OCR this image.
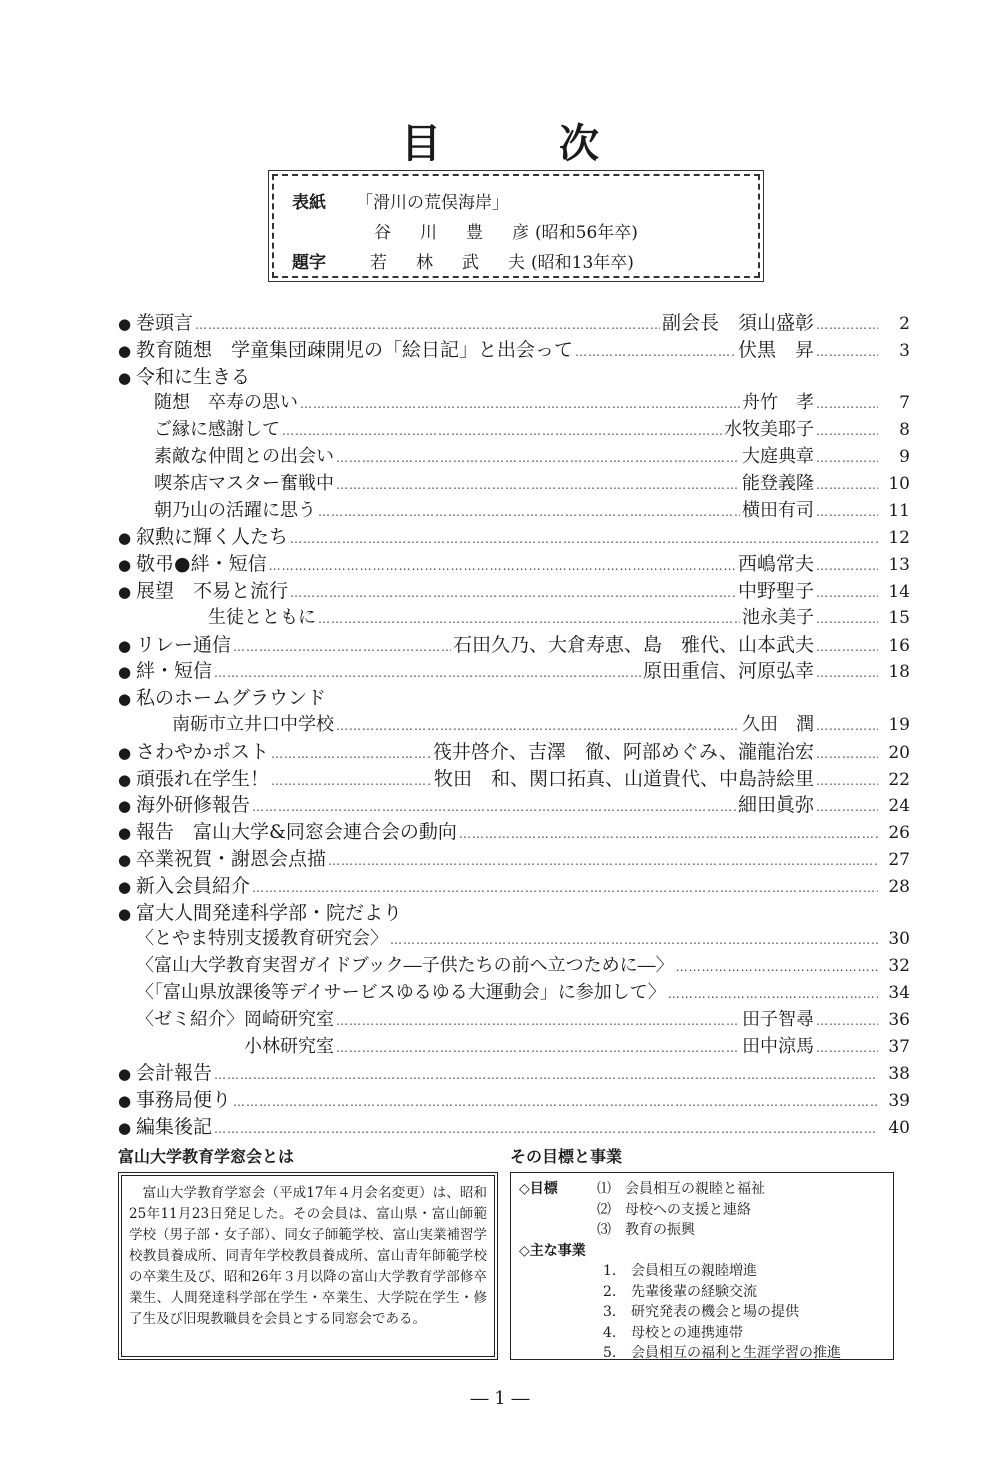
目	次
表紙 「滑川の荒俣海岸」
谷　川　豊　彦(昭和56年卒)
題字	若　林　武　夫(昭和13年卒)
● 巻頭言 …………………………………………………………………………………………………………………………………………………………	副会長　須山盛彰 …………………………………………………………………………………………………………………………………………………………	2
● 教育随想　学童集団疎開児の「絵日記」と出会って …………………………………………………………………………………………………………………………………………………………	伏黒　昇 …………………………………………………………………………………………………………………………………………………………	3
● 令和に生きる
　随想　卒寿の思い …………………………………………………………………………………………………………………………………………………………	舟竹　孝 …………………………………………………………………………………………………………………………………………………………	7
　ご縁に感謝して …………………………………………………………………………………………………………………………………………………………	水牧美耶子 …………………………………………………………………………………………………………………………………………………………	8
　素敵な仲間との出会い …………………………………………………………………………………………………………………………………………………………	大庭典章 …………………………………………………………………………………………………………………………………………………………	9
　喫茶店マスター奮戦中 …………………………………………………………………………………………………………………………………………………………	能登義隆 …………………………………………………………………………………………………………………………………………………………	10
　朝乃山の活躍に思う …………………………………………………………………………………………………………………………………………………………	横田有司 …………………………………………………………………………………………………………………………………………………………	11
● 叙勲に輝く人たち …………………………………………………………………………………………………………………………………………………………	12
● 敬弔●絆・短信 …………………………………………………………………………………………………………………………………………………………	西嶋常夫 …………………………………………………………………………………………………………………………………………………………	13
● 展望　不易と流行 …………………………………………………………………………………………………………………………………………………………	中野聖子 …………………………………………………………………………………………………………………………………………………………	14
　　　　生徒とともに …………………………………………………………………………………………………………………………………………………………	池永美子 …………………………………………………………………………………………………………………………………………………………	15
● リレー通信 …………………………………………………………………………………………………………………………………………………………	石田久乃、大倉寿恵、島　雅代、山本武夫 …………………………………………………………………………………………………………………………………………………………	16
● 絆・短信 …………………………………………………………………………………………………………………………………………………………	原田重信、河原弘幸 …………………………………………………………………………………………………………………………………………………………	18
● 私のホームグラウンド
　　南砺市立井口中学校 …………………………………………………………………………………………………………………………………………………………	久田　潤 …………………………………………………………………………………………………………………………………………………………	19
● さわやかポスト …………………………………………………………………………………………………………………………………………………………	筏井啓介、吉澤　徹、阿部めぐみ、瀧龍治宏 …………………………………………………………………………………………………………………………………………………………	20
● 頑張れ在学生！ …………………………………………………………………………………………………………………………………………………………	牧田　和、関口拓真、山道貴代、中島詩絵里 …………………………………………………………………………………………………………………………………………………………	22
● 海外研修報告 …………………………………………………………………………………………………………………………………………………………	細田眞弥 …………………………………………………………………………………………………………………………………………………………	24
● 報告　富山大学&同窓会連合会の動向 …………………………………………………………………………………………………………………………………………………………	26
● 卒業祝賀・謝恩会点描 …………………………………………………………………………………………………………………………………………………………	27
● 新入会員紹介 …………………………………………………………………………………………………………………………………………………………	28
● 富大人間発達科学部・院だより
〈とやま特別支援教育研究会〉 …………………………………………………………………………………………………………………………………………………………	30
〈富山大学教育実習ガイドブック―子供たちの前へ立つために―〉 …………………………………………………………………………………………………………………………………………………………	32
〈「富山県放課後等デイサービスゆるゆる大運動会」に参加して〉 …………………………………………………………………………………………………………………………………………………………	34
〈ゼミ紹介〉岡崎研究室 …………………………………………………………………………………………………………………………………………………………	田子智尋 …………………………………………………………………………………………………………………………………………………………	36
　　　　　　小林研究室 …………………………………………………………………………………………………………………………………………………………	田中涼馬 …………………………………………………………………………………………………………………………………………………………	37
● 会計報告 …………………………………………………………………………………………………………………………………………………………	38
● 事務局便り …………………………………………………………………………………………………………………………………………………………	39
● 編集後記 …………………………………………………………………………………………………………………………………………………………	40
富山大学教育学窓会とは
　富山大学教育学窓会（平成17年４月会名変更）は、昭和25年11月23日発足した。その会員は、富山県・富山師範学校（男子部・女子部）、同女子師範学校、富山実業補習学校教員養成所、同青年学校教員養成所、富山青年師範学校の卒業生及び、昭和26年３月以降の富山大学教育学部修卒業生、人間発達科学部在学生・卒業生、大学院在学生・修了生及び旧現教職員を会員とする同窓会である。
その目標と事業
◇目標	⑴	会員相互の親睦と福祉
⑵	母校への支援と連絡
⑶	教育の振興
◇主な事業
1.	会員相互の親睦増進
2.	先輩後輩の経験交流
3.	研究発表の機会と場の提供
4.	母校との連携連帯
5.	会員相互の福利と生涯学習の推進
― 1 ―
